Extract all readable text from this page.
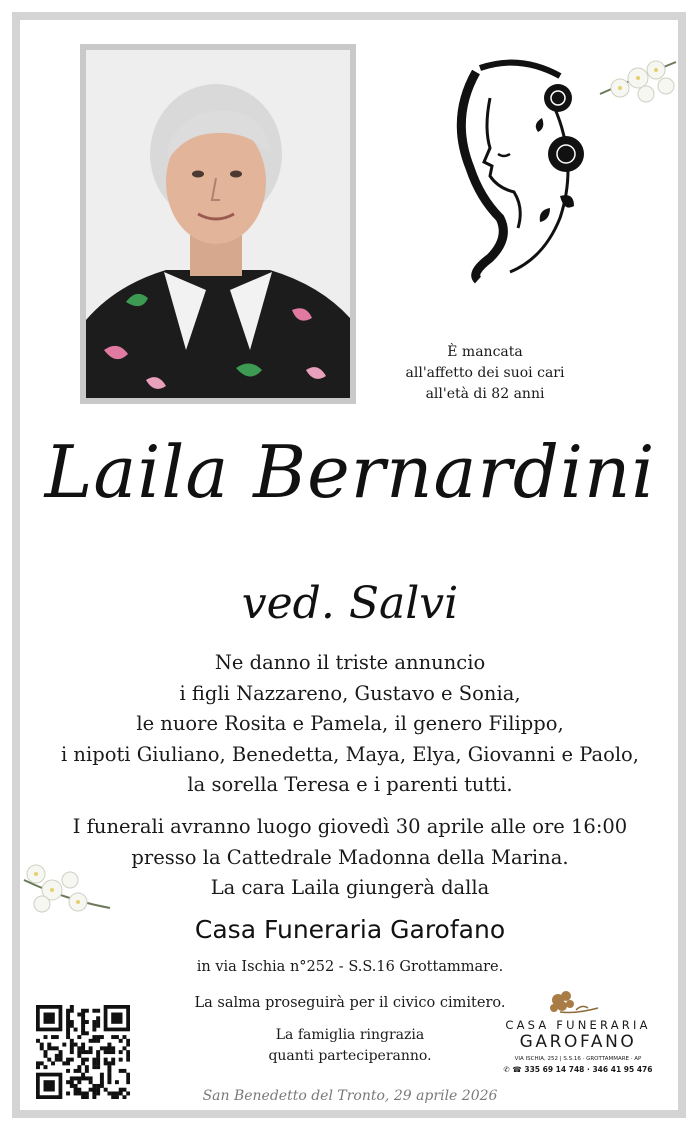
È mancata
all'affetto dei suoi cari
all'età di 82 anni
Laila Bernardini
ved. Salvi
Ne danno il triste annuncio
i figli Nazzareno, Gustavo e Sonia,
le nuore Rosita e Pamela, il genero Filippo,
i nipoti Giuliano, Benedetta, Maya, Elya, Giovanni e Paolo,
la sorella Teresa e i parenti tutti.
I funerali avranno luogo giovedì 30 aprile alle ore 16:00
presso la Cattedrale Madonna della Marina.
La cara Laila giungerà dalla
Casa Funeraria Garofano
in via Ischia n°252 - S.S.16 Grottammare.
La salma proseguirà per il civico cimitero.
La famiglia ringrazia
quanti parteciperanno.
CASA FUNERARIA
GAROFANO
VIA ISCHIA, 252 | S.S.16 · GROTTAMMARE · AP
✆ ☎ 335 69 14 748 · 346 41 95 476
San Benedetto del Tronto, 29 aprile 2026
